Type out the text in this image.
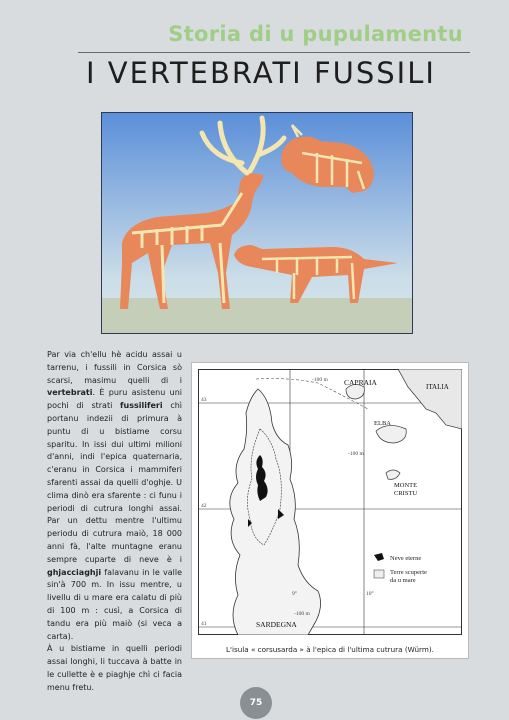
Storia di u pupulamentu
I VERTEBRATI FUSSILI

Par via ch'ellu hè acidu assai u tarrenu, i fussili in Corsica sò scarsi, masimu quelli di i vertebrati. È puru asistenu uni pochi di strati fussiliferi chì portanu indezii di primura à puntu di u bistiame corsu sparitu. In issi dui ultimi milioni d'anni, indi l'epica quaternaria, c'eranu in Corsica i mammiferi sfarenti assai da quelli d'oghje. U clima dinò era sfarente : ci funu i periodi di cutrura longhi assai. Par un dettu mentre l'ultimu periodu di cutrura maiò, 18 000 anni fà, l'alte muntagne eranu sempre cuparte di neve è i ghjacciaghji falavanu in le valle sin'à 700 m. In issu mentre, u livellu di u mare era calatu di più di 100 m : cusì, a Corsica di tandu era più maiò (si veca a carta).

À u bistiame in quelli periodi assai longhi, li tuccava à batte in le cullette è e piaghje chì ci facia menu fretu.

Neve eterne
Terre scuperte
da u mare
CAPRAIA	ITALIA
ELBA
MONTE CRISTU
SARDEGNA
-100 m
-100 m
-100 m
43
42
41
9°	10°
L'isula « corsusarda » à l'epica di l'ultima cutrura (Würm).
75
